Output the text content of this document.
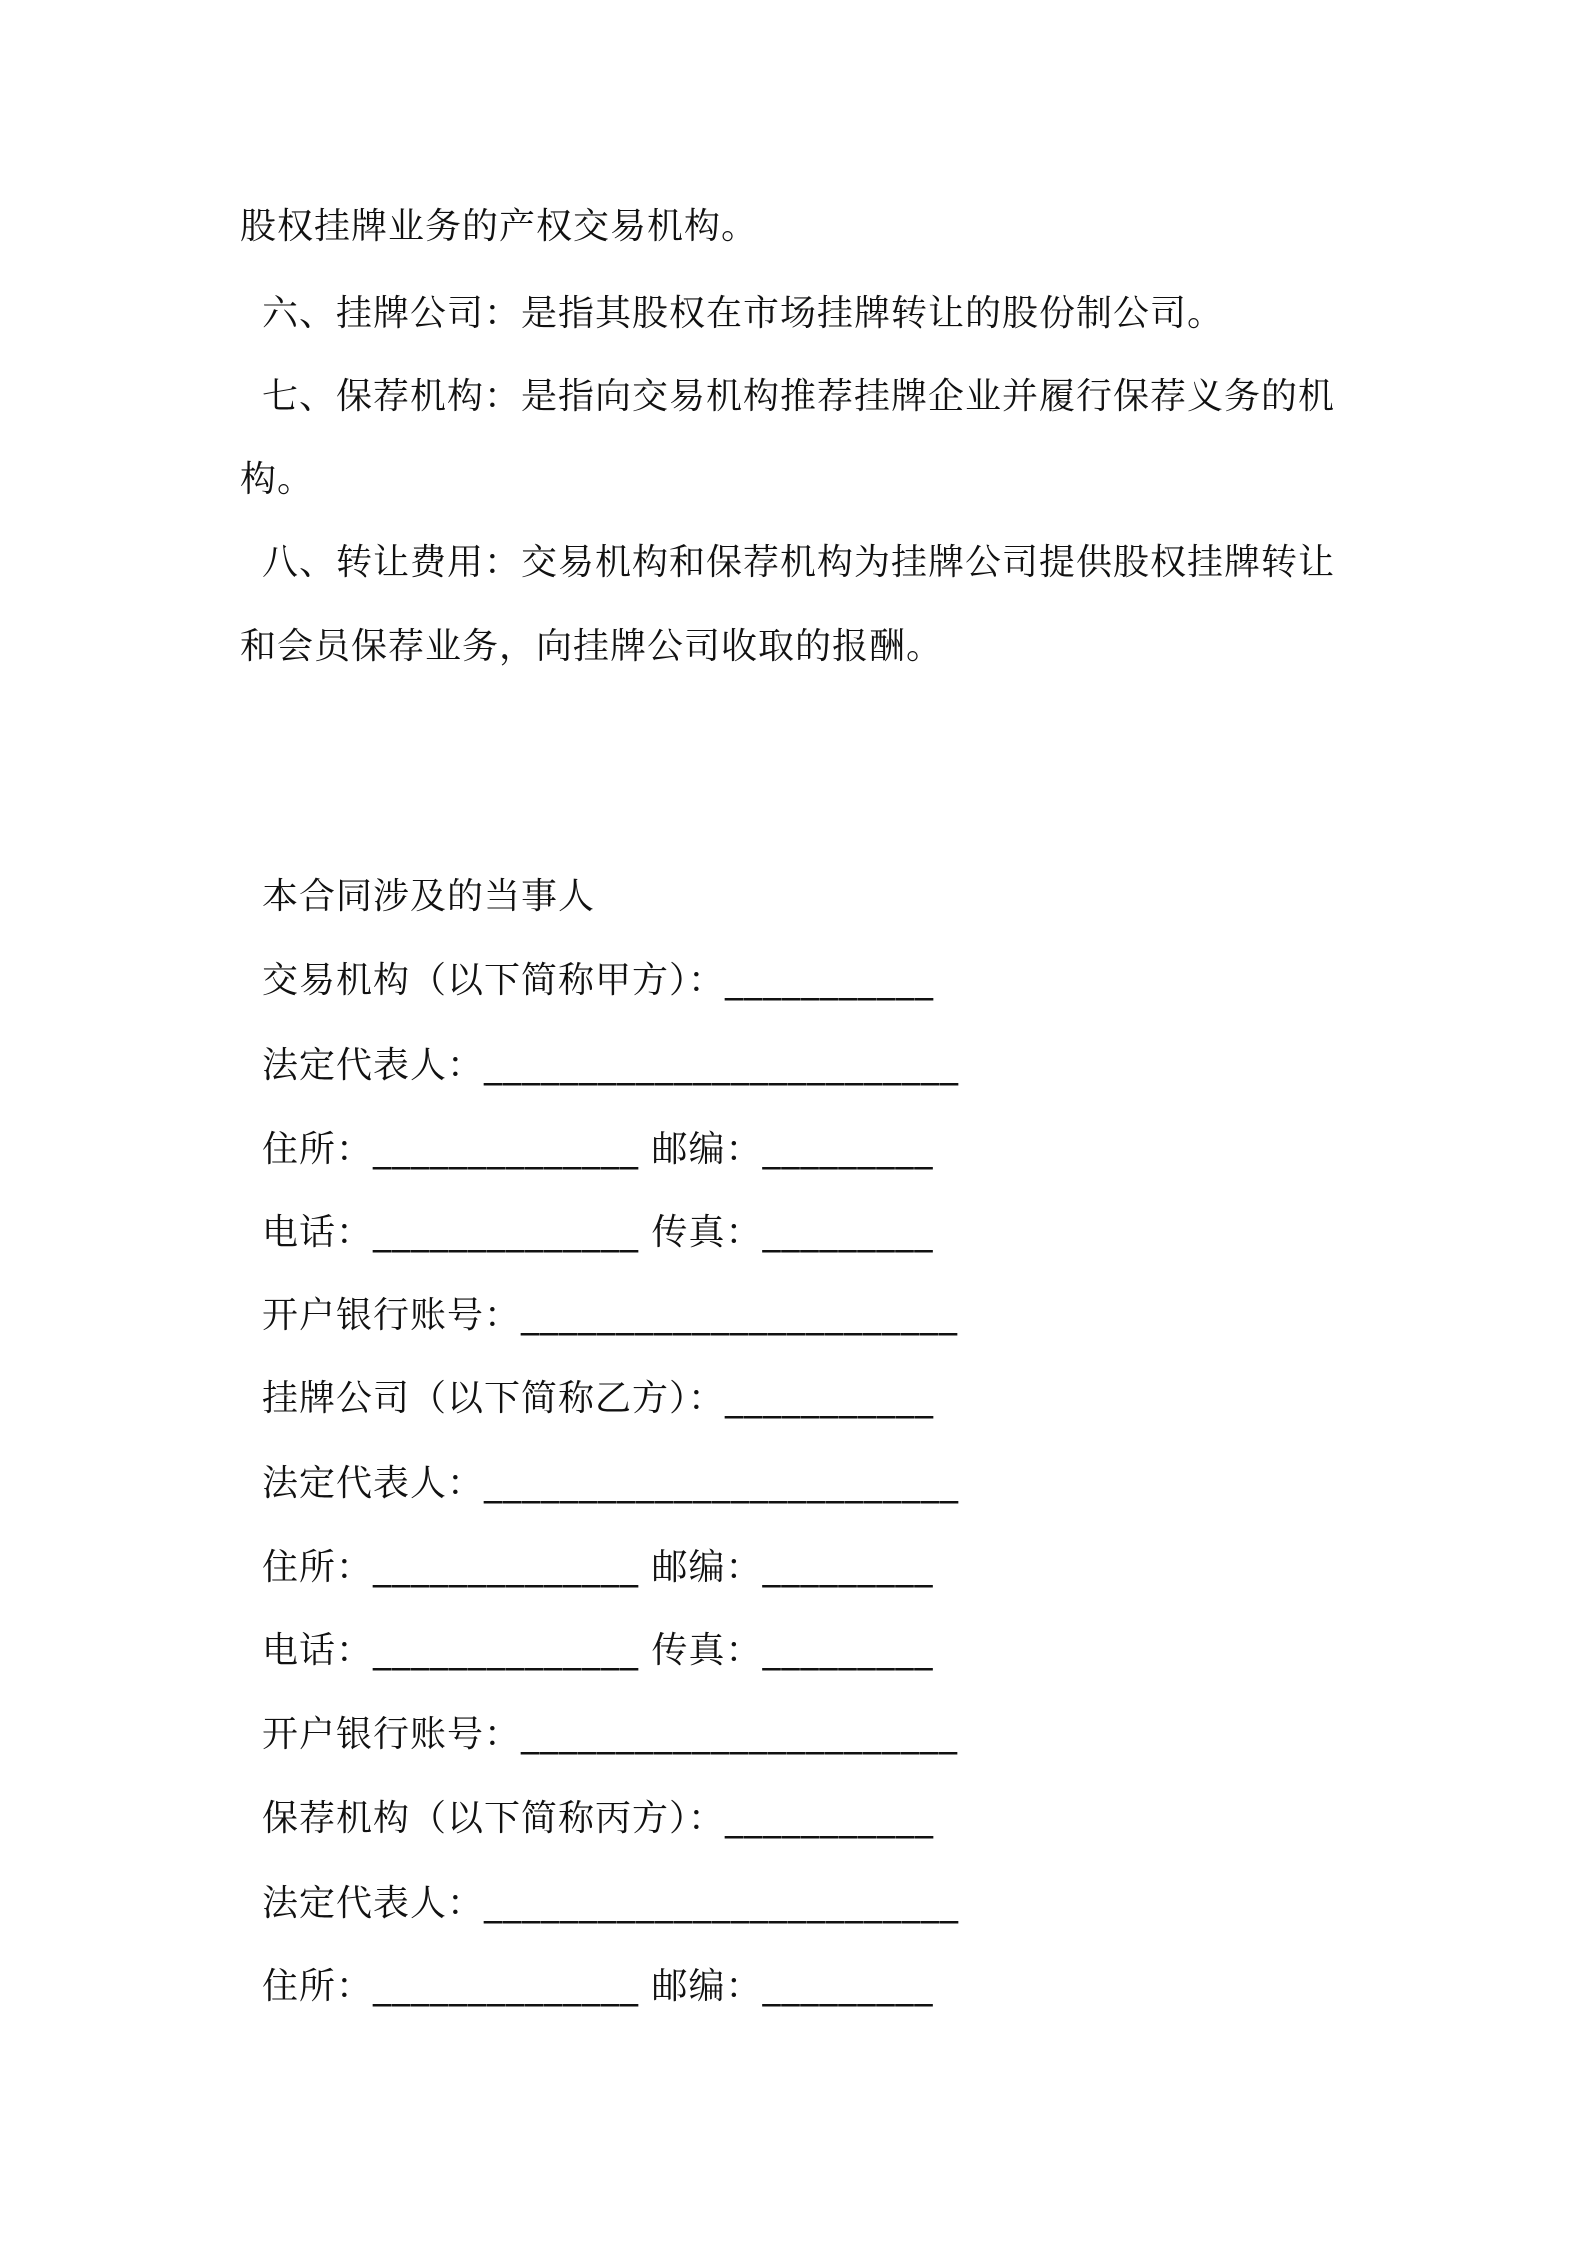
股权挂牌业务的产权交易机构。
六、挂牌公司：是指其股权在市场挂牌转让的股份制公司。
七、保荐机构：是指向交易机构推荐挂牌企业并履行保荐义务的机
构。
八、转让费用：交易机构和保荐机构为挂牌公司提供股权挂牌转让
和会员保荐业务，向挂牌公司收取的报酬。
本合同涉及的当事人
交易机构（以下简称甲方）：___________
法定代表人：_________________________
住所：______________ 邮编：_________
电话：______________ 传真：_________
开户银行账号：_______________________
挂牌公司（以下简称乙方）：___________
法定代表人：_________________________
住所：______________ 邮编：_________
电话：______________ 传真：_________
开户银行账号：_______________________
保荐机构（以下简称丙方）：___________
法定代表人：_________________________
住所：______________ 邮编：_________
